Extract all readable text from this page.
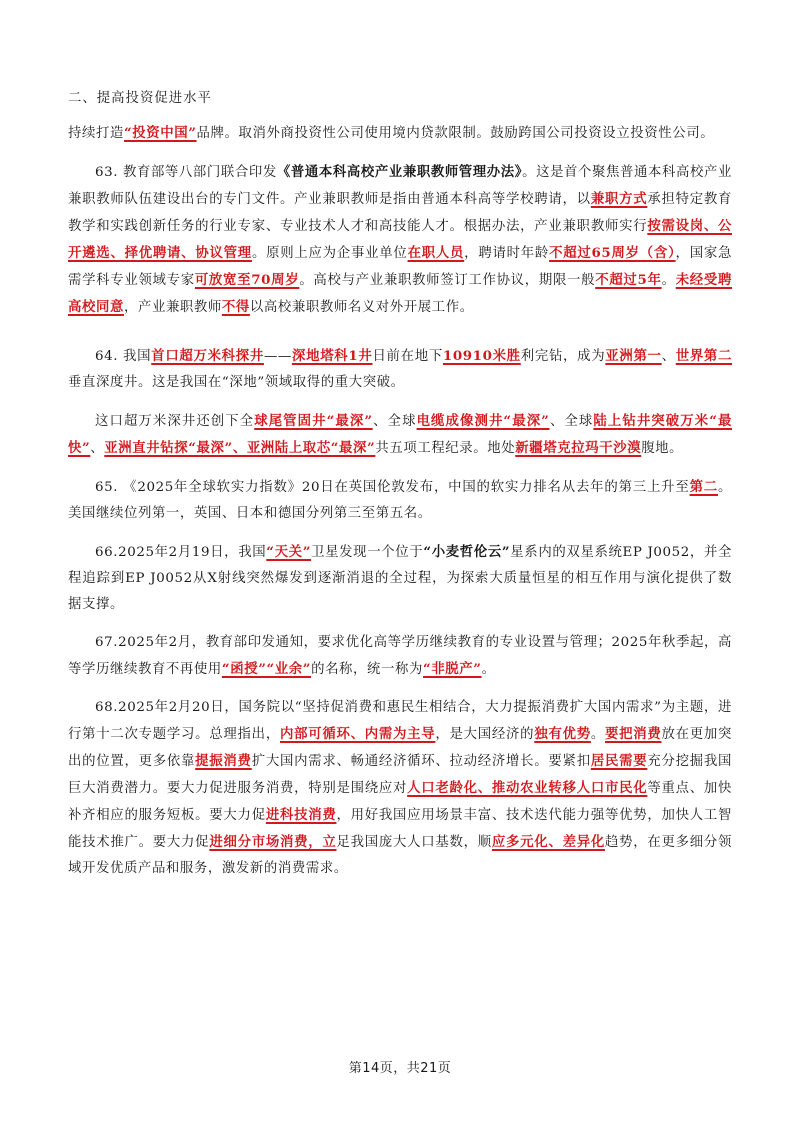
二、提高投资促进水平

持续打造“投资中国”品牌。取消外商投资性公司使用境内贷款限制。鼓励跨国公司投资设立投资性公司。

63. 教育部等八部门联合印发《普通本科高校产业兼职教师管理办法》。这是首个聚焦普通本科高校产业兼职教师队伍建设出台的专门文件。产业兼职教师是指由普通本科高等学校聘请，以兼职方式承担特定教育教学和实践创新任务的行业专家、专业技术人才和高技能人才。根据办法，产业兼职教师实行按需设岗、公开遴选、择优聘请、协议管理。原则上应为企事业单位在职人员，聘请时年龄不超过65周岁（含），国家急需学科专业领域专家可放宽至70周岁。高校与产业兼职教师签订工作协议，期限一般不超过5年。未经受聘高校同意，产业兼职教师不得以高校兼职教师名义对外开展工作。

64. 我国首口超万米科探井——深地塔科1井日前在地下10910米胜利完钻，成为亚洲第一、世界第二垂直深度井。这是我国在“深地”领域取得的重大突破。

这口超万米深井还创下全球尾管固井“最深”、全球电缆成像测井“最深”、全球陆上钻井突破万米“最快”、亚洲直井钻探“最深”、亚洲陆上取芯“最深”共五项工程纪录。地处新疆塔克拉玛干沙漠腹地。

65. 《2025年全球软实力指数》20日在英国伦敦发布，中国的软实力排名从去年的第三上升至第二。美国继续位列第一，英国、日本和德国分列第三至第五名。

66.2025年2月19日，我国“天关”卫星发现一个位于“小麦哲伦云”星系内的双星系统EP J0052，并全程追踪到EP J0052从X射线突然爆发到逐渐消退的全过程，为探索大质量恒星的相互作用与演化提供了数据支撑。

67.2025年2月，教育部印发通知，要求优化高等学历继续教育的专业设置与管理；2025年秋季起，高等学历继续教育不再使用“函授”“业余”的名称，统一称为“非脱产”。

68.2025年2月20日，国务院以“坚持促消费和惠民生相结合，大力提振消费扩大国内需求”为主题，进行第十二次专题学习。总理指出，内部可循环、内需为主导，是大国经济的独有优势。要把消费放在更加突出的位置，更多依靠提振消费扩大国内需求、畅通经济循环、拉动经济增长。要紧扣居民需要充分挖掘我国巨大消费潜力。要大力促进服务消费，特别是围绕应对人口老龄化、推动农业转移人口市民化等重点、加快补齐相应的服务短板。要大力促进科技消费，用好我国应用场景丰富、技术迭代能力强等优势，加快人工智能技术推广。要大力促进细分市场消费，立足我国庞大人口基数，顺应多元化、差异化趋势，在更多细分领域开发优质产品和服务，激发新的消费需求。

第14页，共21页
